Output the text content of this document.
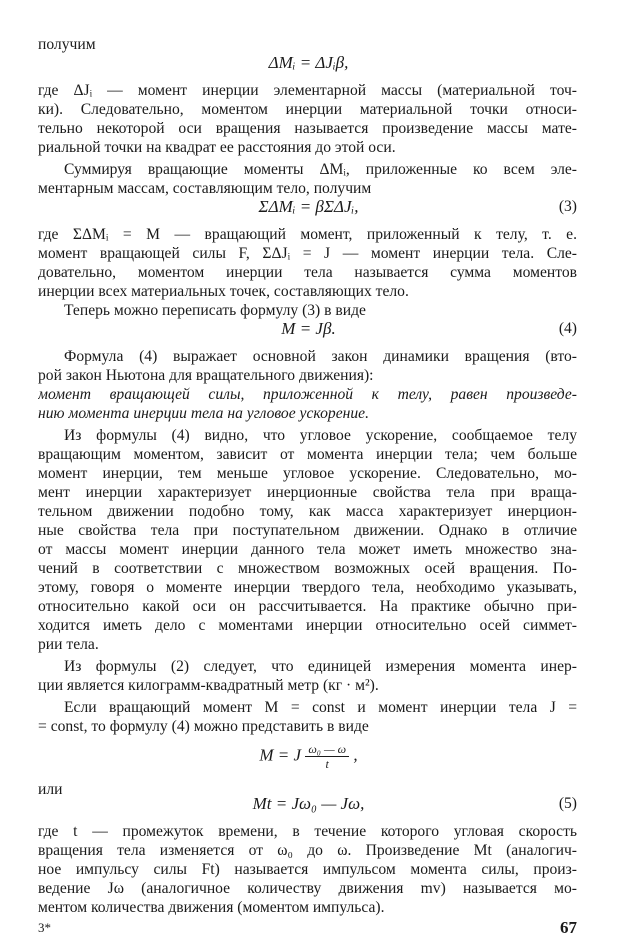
получим
ΔMᵢ = ΔJᵢβ,
где ΔJᵢ — момент инерции элементарной массы (материальной точ-
ки). Следовательно, моментом инерции материальной точки относи-
тельно некоторой оси вращения называется произведение массы мате-
риальной точки на квадрат ее расстояния до этой оси.
Суммируя вращающие моменты ΔMᵢ, приложенные ко всем эле-
ментарным массам, составляющим тело, получим
ΣΔMᵢ = βΣΔJᵢ,	(3)
где ΣΔMᵢ = M — вращающий момент, приложенный к телу, т. е.
момент вращающей силы F, ΣΔJᵢ = J — момент инерции тела. Сле-
довательно, моментом инерции тела называется сумма моментов
инерции всех материальных точек, составляющих тело.
Теперь можно переписать формулу (3) в виде
M = Jβ.	(4)
Формула (4) выражает основной закон динамики вращения (вто-
рой закон Ньютона для вращательного движения):
момент вращающей силы, приложенной к телу, равен произведе-
нию момента инерции тела на угловое ускорение.
Из формулы (4) видно, что угловое ускорение, сообщаемое телу
вращающим моментом, зависит от момента инерции тела; чем больше
момент инерции, тем меньше угловое ускорение. Следовательно, мо-
мент инерции характеризует инерционные свойства тела при враща-
тельном движении подобно тому, как масса характеризует инерцион-
ные свойства тела при поступательном движении. Однако в отличие
от массы момент инерции данного тела может иметь множество зна-
чений в соответствии с множеством возможных осей вращения. По-
этому, говоря о моменте инерции твердого тела, необходимо указывать,
относительно какой оси он рассчитывается. На практике обычно при-
ходится иметь дело с моментами инерции относительно осей симмет-
рии тела.
Из формулы (2) следует, что единицей измерения момента инер-
ции является килограмм-квадратный метр (кг · м²).
Если вращающий момент M = const и момент инерции тела J =
= const, то формулу (4) можно представить в виде
M = J $\frac{\text{ω₀ — ω}}{t}$ ,
или
Mt = Jω₀ — Jω,	(5)
где t — промежуток времени, в течение которого угловая скорость
вращения тела изменяется от ω₀ до ω. Произведение Mt (аналогич-
ное импульсу силы Ft) называется импульсом момента силы, произ-
ведение Jω (аналогичное количеству движения mv) называется мо-
ментом количества движения (моментом импульса).
3*	67
